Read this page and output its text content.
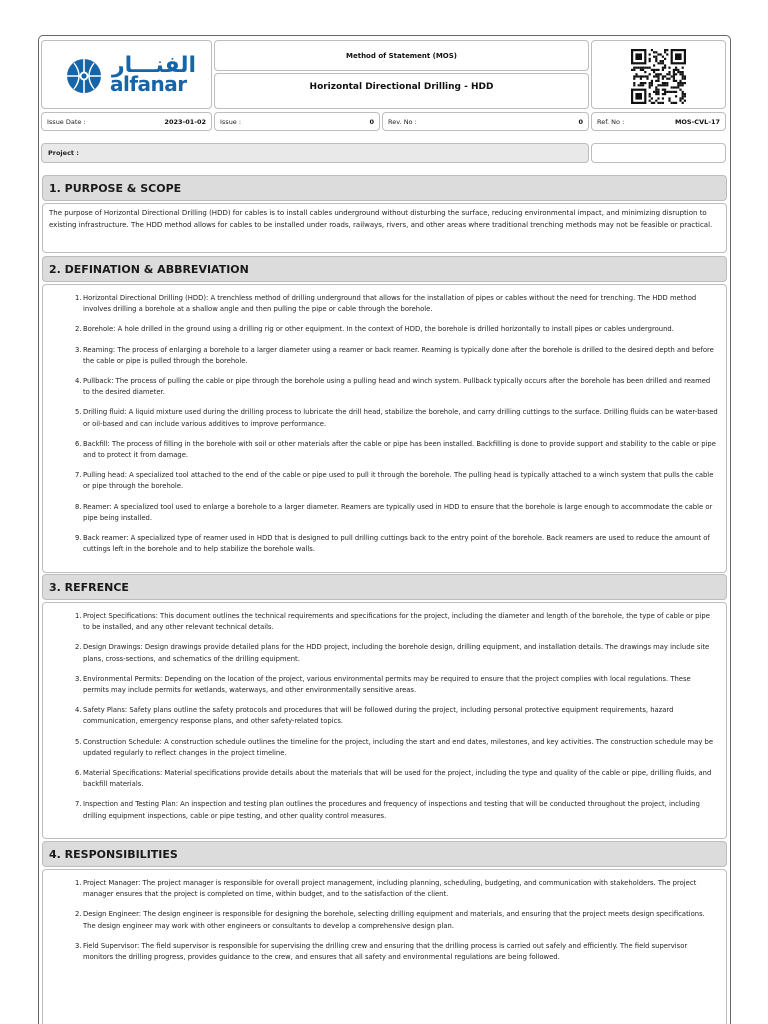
الفنـــار
alfanar
Method of Statement (MOS)
Horizontal Directional Drilling - HDD
Issue Date :	2023-01-02 Issue :	0 Rev. No :	0 Ref. No :	MOS-CVL-17
Project :
1. PURPOSE & SCOPE
The purpose of Horizontal Directional Drilling (HDD) for cables is to install cables underground without disturbing the surface, reducing environmental impact, and minimizing disruption to existing infrastructure. The HDD method allows for cables to be installed under roads, railways, rivers, and other areas where traditional trenching methods may not be feasible or practical.
2. DEFINATION & ABBREVIATION
1. Horizontal Directional Drilling (HDD): A trenchless method of drilling underground that allows for the installation of pipes or cables without the need for trenching. The HDD method involves drilling a borehole at a shallow angle and then pulling the pipe or cable through the borehole.
2. Borehole: A hole drilled in the ground using a drilling rig or other equipment. In the context of HDD, the borehole is drilled horizontally to install pipes or cables underground.
3. Reaming: The process of enlarging a borehole to a larger diameter using a reamer or back reamer. Reaming is typically done after the borehole is drilled to the desired depth and before the cable or pipe is pulled through the borehole.
4. Pullback: The process of pulling the cable or pipe through the borehole using a pulling head and winch system. Pullback typically occurs after the borehole has been drilled and reamed to the desired diameter.
5. Drilling fluid: A liquid mixture used during the drilling process to lubricate the drill head, stabilize the borehole, and carry drilling cuttings to the surface. Drilling fluids can be water-based or oil-based and can include various additives to improve performance.
6. Backfill: The process of filling in the borehole with soil or other materials after the cable or pipe has been installed. Backfilling is done to provide support and stability to the cable or pipe and to protect it from damage.
7. Pulling head: A specialized tool attached to the end of the cable or pipe used to pull it through the borehole. The pulling head is typically attached to a winch system that pulls the cable or pipe through the borehole.
8. Reamer: A specialized tool used to enlarge a borehole to a larger diameter. Reamers are typically used in HDD to ensure that the borehole is large enough to accommodate the cable or pipe being installed.
9. Back reamer: A specialized type of reamer used in HDD that is designed to pull drilling cuttings back to the entry point of the borehole. Back reamers are used to reduce the amount of cuttings left in the borehole and to help stabilize the borehole walls.
3. REFRENCE
1. Project Specifications: This document outlines the technical requirements and specifications for the project, including the diameter and length of the borehole, the type of cable or pipe to be installed, and any other relevant technical details.
2. Design Drawings: Design drawings provide detailed plans for the HDD project, including the borehole design, drilling equipment, and installation details. The drawings may include site plans, cross-sections, and schematics of the drilling equipment.
3. Environmental Permits: Depending on the location of the project, various environmental permits may be required to ensure that the project complies with local regulations. These permits may include permits for wetlands, waterways, and other environmentally sensitive areas.
4. Safety Plans: Safety plans outline the safety protocols and procedures that will be followed during the project, including personal protective equipment requirements, hazard communication, emergency response plans, and other safety-related topics.
5. Construction Schedule: A construction schedule outlines the timeline for the project, including the start and end dates, milestones, and key activities. The construction schedule may be updated regularly to reflect changes in the project timeline.
6. Material Specifications: Material specifications provide details about the materials that will be used for the project, including the type and quality of the cable or pipe, drilling fluids, and backfill materials.
7. Inspection and Testing Plan: An inspection and testing plan outlines the procedures and frequency of inspections and testing that will be conducted throughout the project, including drilling equipment inspections, cable or pipe testing, and other quality control measures.
4. RESPONSIBILITIES
1. Project Manager: The project manager is responsible for overall project management, including planning, scheduling, budgeting, and communication with stakeholders. The project manager ensures that the project is completed on time, within budget, and to the satisfaction of the client.
2. Design Engineer: The design engineer is responsible for designing the borehole, selecting drilling equipment and materials, and ensuring that the project meets design specifications. The design engineer may work with other engineers or consultants to develop a comprehensive design plan.
3. Field Supervisor: The field supervisor is responsible for supervising the drilling crew and ensuring that the drilling process is carried out safely and efficiently. The field supervisor monitors the drilling progress, provides guidance to the crew, and ensures that all safety and environmental regulations are being followed.
